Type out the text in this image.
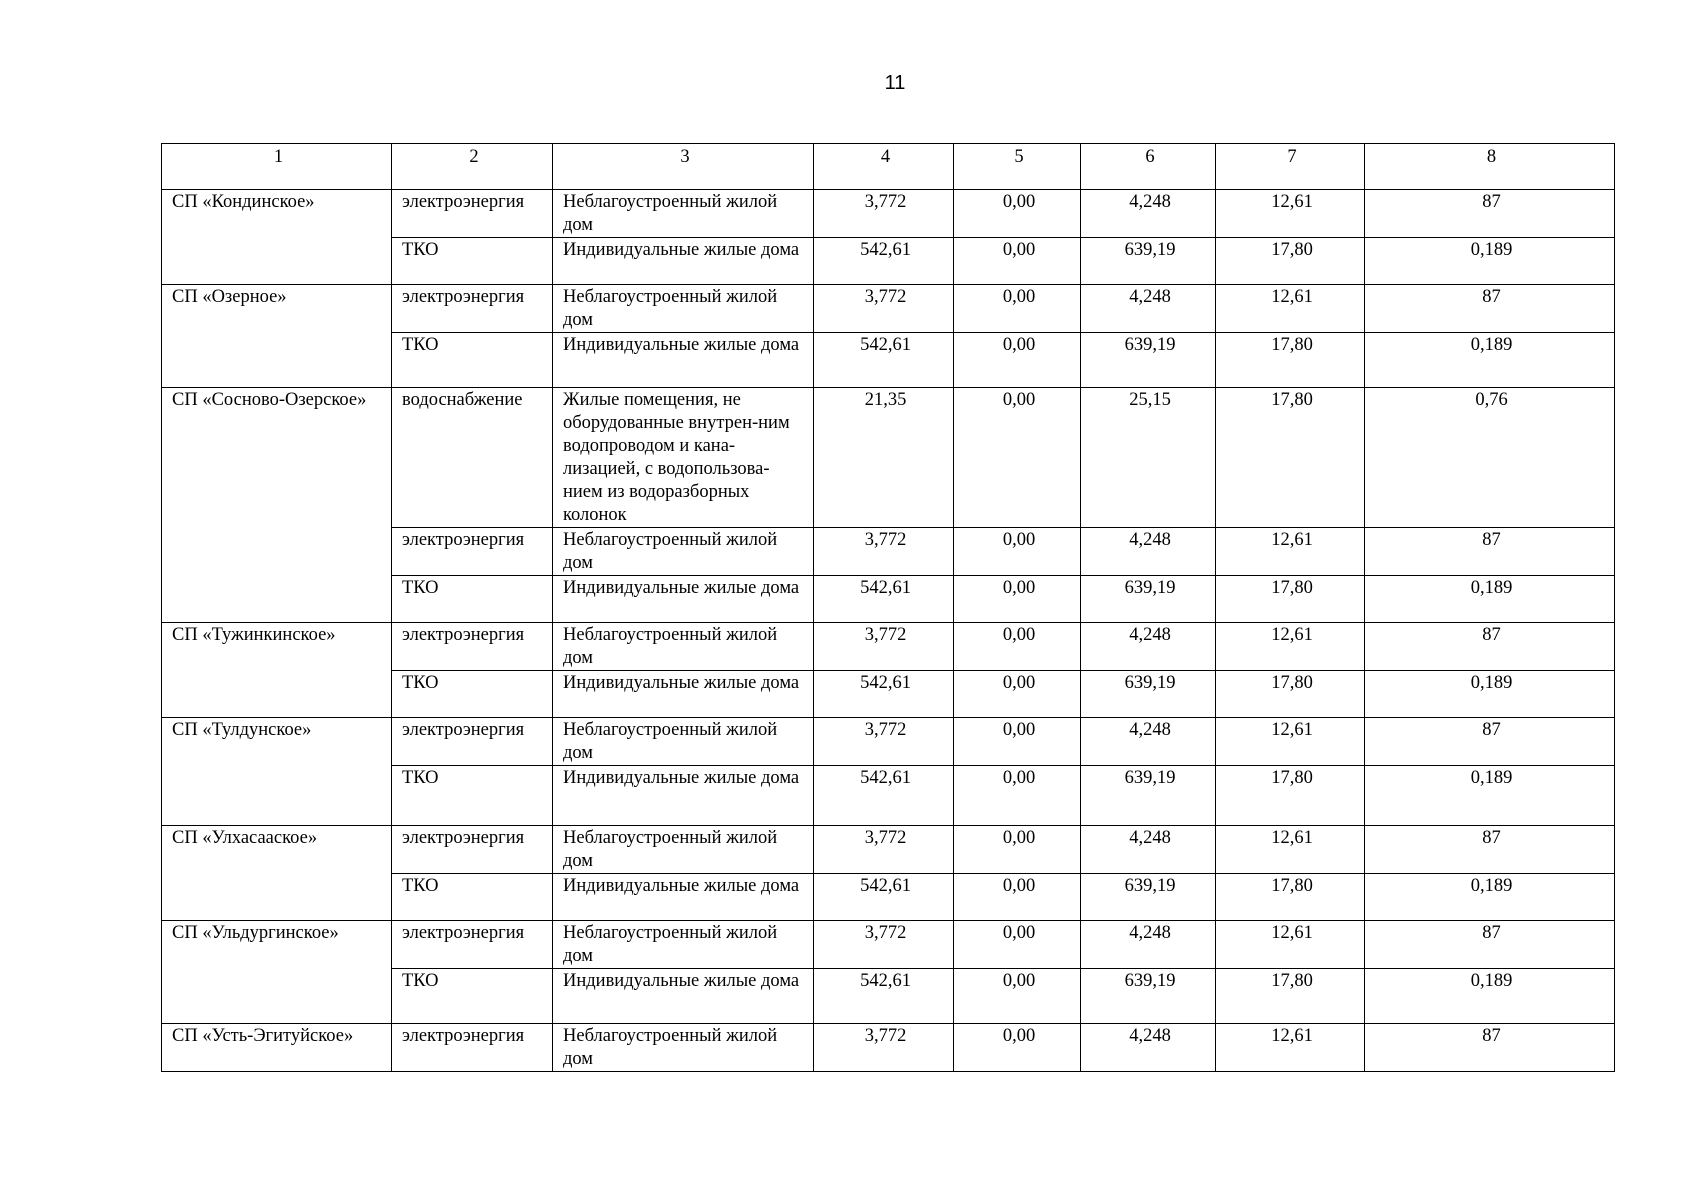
11
1	2	3	4	5	6	7	8
СП «Кондинское»	электроэнергия	Неблагоустроенный жилой дом	3,772	0,00	4,248	12,61	87
	ТКО	Индивидуальные жилые дома	542,61	0,00	639,19	17,80	0,189
СП «Озерное»	электроэнергия	Неблагоустроенный жилой дом	3,772	0,00	4,248	12,61	87
	ТКО	Индивидуальные жилые дома	542,61	0,00	639,19	17,80	0,189
СП «Сосново-Озерское»	водоснабжение	Жилые помещения, не оборудованные внутрен-ним водопроводом и кана-лизацией, с водопользова-нием из водоразборных колонок	21,35	0,00	25,15	17,80	0,76
	электроэнергия	Неблагоустроенный жилой дом	3,772	0,00	4,248	12,61	87
	ТКО	Индивидуальные жилые дома	542,61	0,00	639,19	17,80	0,189
СП «Тужинкинское»	электроэнергия	Неблагоустроенный жилой дом	3,772	0,00	4,248	12,61	87
	ТКО	Индивидуальные жилые дома	542,61	0,00	639,19	17,80	0,189
СП «Тулдунское»	электроэнергия	Неблагоустроенный жилой дом	3,772	0,00	4,248	12,61	87
	ТКО	Индивидуальные жилые дома	542,61	0,00	639,19	17,80	0,189
СП «Улхасаaское»	электроэнергия	Неблагоустроенный жилой дом	3,772	0,00	4,248	12,61	87
	ТКО	Индивидуальные жилые дома	542,61	0,00	639,19	17,80	0,189
СП «Ульдургинское»	электроэнергия	Неблагоустроенный жилой дом	3,772	0,00	4,248	12,61	87
	ТКО	Индивидуальные жилые дома	542,61	0,00	639,19	17,80	0,189
СП «Усть-Эгитуйское»	электроэнергия	Неблагоустроенный жилой дом	3,772	0,00	4,248	12,61	87
